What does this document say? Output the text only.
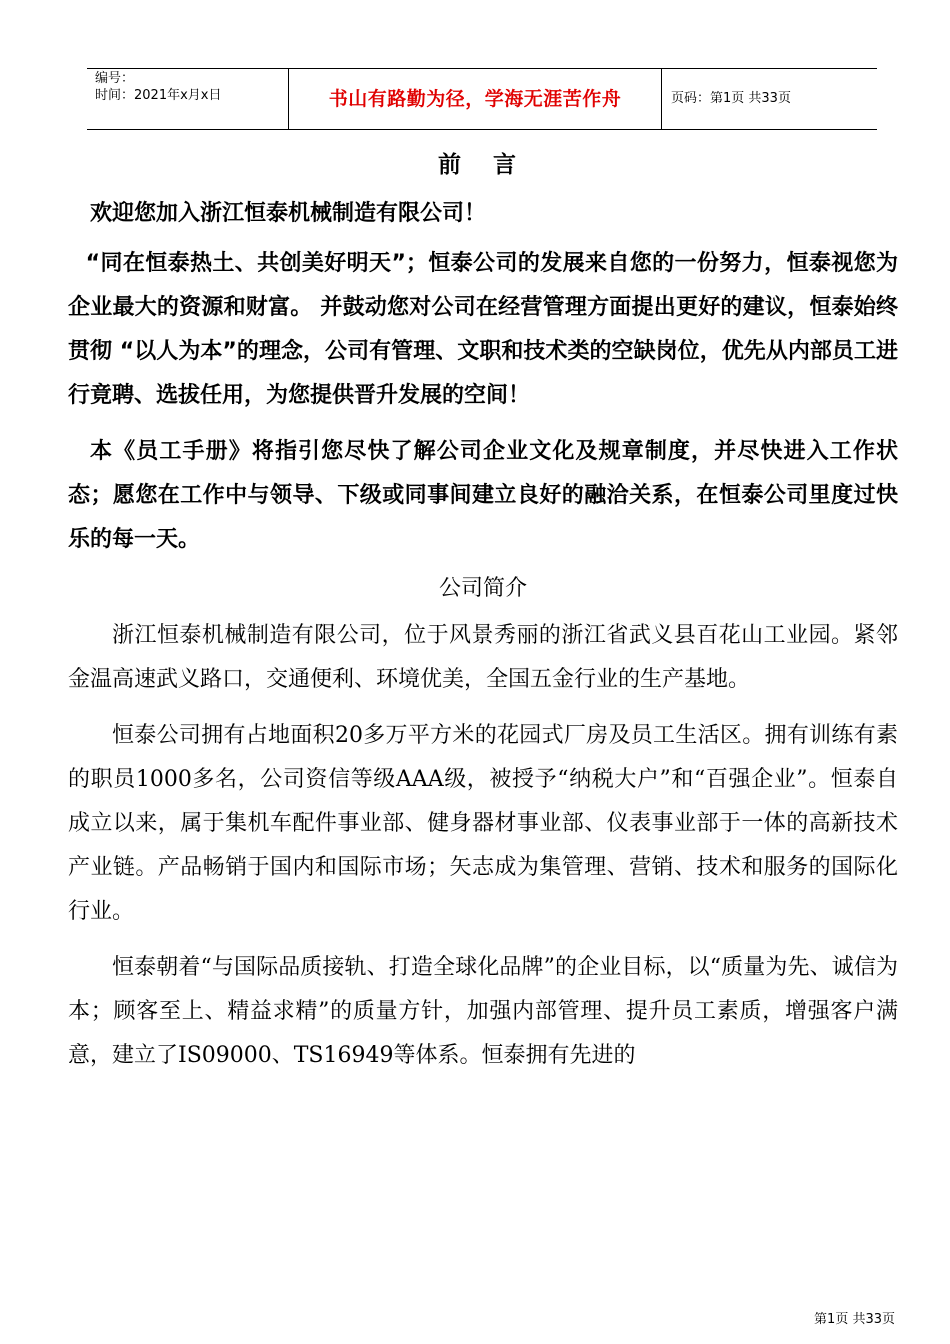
编号：
时间：2021年x月x日	书山有路勤为径，学海无涯苦作舟	页码：第1页 共33页
前 言

欢迎您加入浙江恒泰机械制造有限公司！

“同在恒泰热土、共创美好明天”；恒泰公司的发展来自您的一份努力，恒泰视您为企业最大的资源和财富。 并鼓动您对公司在经营管理方面提出更好的建议，恒泰始终贯彻 “以人为本”的理念，公司有管理、文职和技术类的空缺岗位，优先从内部员工进行竟聘、选拔任用，为您提供晋升发展的空间！

本《员工手册》将指引您尽快了解公司企业文化及规章制度，并尽快进入工作状态；愿您在工作中与领导、下级或同事间建立良好的融洽关系，在恒泰公司里度过快乐的每一天。

公司简介

浙江恒泰机械制造有限公司，位于风景秀丽的浙江省武义县百花山工业园。紧邻金温高速武义路口，交通便利、环境优美，全国五金行业的生产基地。

恒泰公司拥有占地面积20多万平方米的花园式厂房及员工生活区。拥有训练有素的职员1000多名，公司资信等级AAA级，被授予“纳税大户”和“百强企业”。恒泰自成立以来，属于集机车配件事业部、健身器材事业部、仪表事业部于一体的高新技术产业链。产品畅销于国内和国际市场；矢志成为集管理、营销、技术和服务的国际化行业。

恒泰朝着“与国际品质接轨、打造全球化品牌”的企业目标，以“质量为先、诚信为本；顾客至上、精益求精”的质量方针，加强内部管理、提升员工素质，增强客户满意，建立了IS09000、TS16949等体系。恒泰拥有先进的

第1页 共33页
